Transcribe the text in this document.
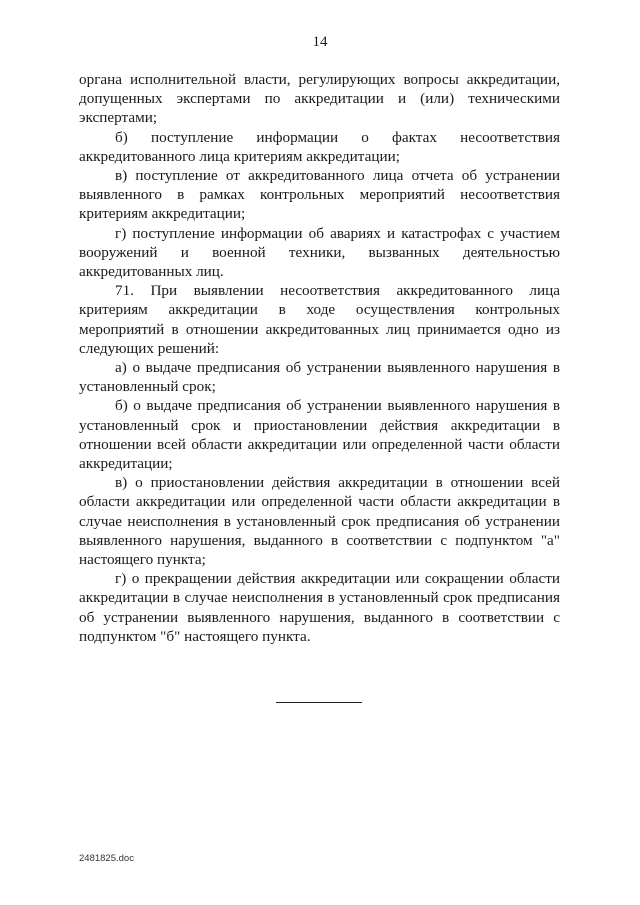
14

органа исполнительной власти, регулирующих вопросы аккредитации, допущенных экспертами по аккредитации и (или) техническими экспертами;

б) поступление информации о фактах несоответствия аккредитованного лица критериям аккредитации;

в) поступление от аккредитованного лица отчета об устранении выявленного в рамках контрольных мероприятий несоответствия критериям аккредитации;

г) поступление информации об авариях и катастрофах с участием вооружений и военной техники, вызванных деятельностью аккредитованных лиц.

71. При выявлении несоответствия аккредитованного лица критериям аккредитации в ходе осуществления контрольных мероприятий в отношении аккредитованных лиц принимается одно из следующих решений:

а) о выдаче предписания об устранении выявленного нарушения в установленный срок;

б) о выдаче предписания об устранении выявленного нарушения в установленный срок и приостановлении действия аккредитации в отношении всей области аккредитации или определенной части области аккредитации;

в) о приостановлении действия аккредитации в отношении всей области аккредитации или определенной части области аккредитации в случае неисполнения в установленный срок предписания об устранении выявленного нарушения, выданного в соответствии с подпунктом "а" настоящего пункта;

г) о прекращении действия аккредитации или сокращении области аккредитации в случае неисполнения в установленный срок предписания об устранении выявленного нарушения, выданного в соответствии с подпунктом "б" настоящего пункта.

2481825.doc
